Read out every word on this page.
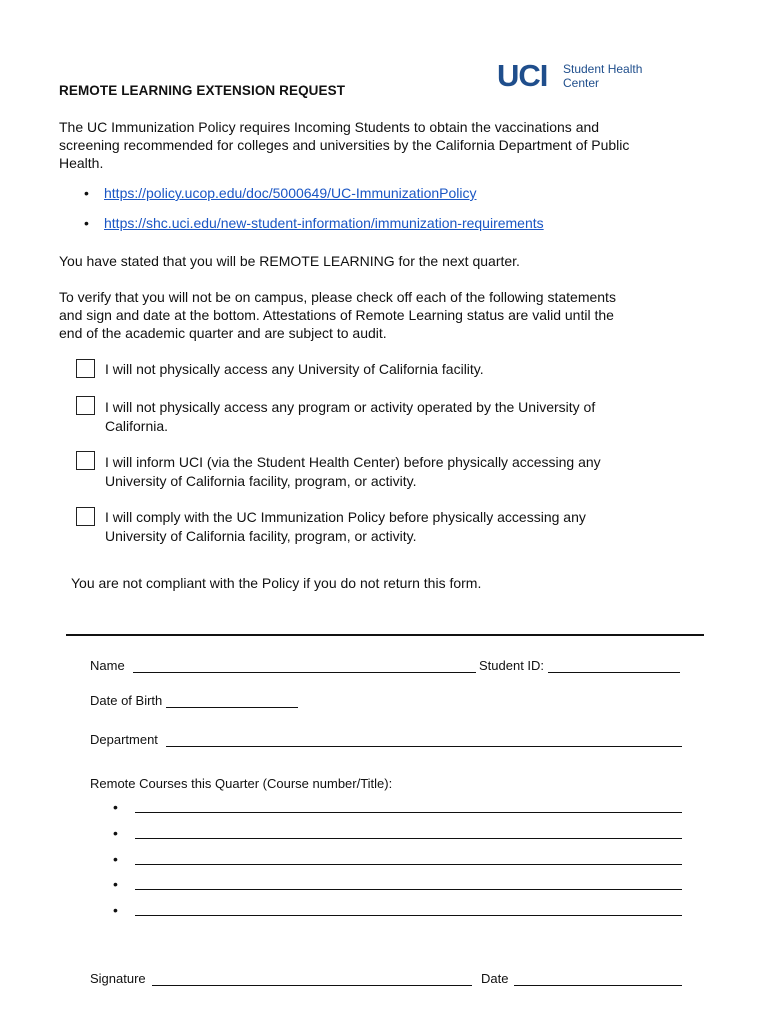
REMOTE LEARNING EXTENSION REQUEST	UCI Student Health
Center
The UC Immunization Policy requires Incoming Students to obtain the vaccinations and screening recommended for colleges and universities by the California Department of Public Health.
• https://policy.ucop.edu/doc/5000649/UC-ImmunizationPolicy
• https://shc.uci.edu/new-student-information/immunization-requirements
You have stated that you will be REMOTE LEARNING for the next quarter.
To verify that you will not be on campus, please check off each of the following statements and sign and date at the bottom. Attestations of Remote Learning status are valid until the end of the academic quarter and are subject to audit.
I will not physically access any University of California facility.
I will not physically access any program or activity operated by the University of California.
I will inform UCI (via the Student Health Center) before physically accessing any University of California facility, program, or activity.
I will comply with the UC Immunization Policy before physically accessing any University of California facility, program, or activity.
You are not compliant with the Policy if you do not return this form.
Name	Student ID:
Date of Birth
Department
Remote Courses this Quarter (Course number/Title):
•
•
•
•
•
Signature	Date
